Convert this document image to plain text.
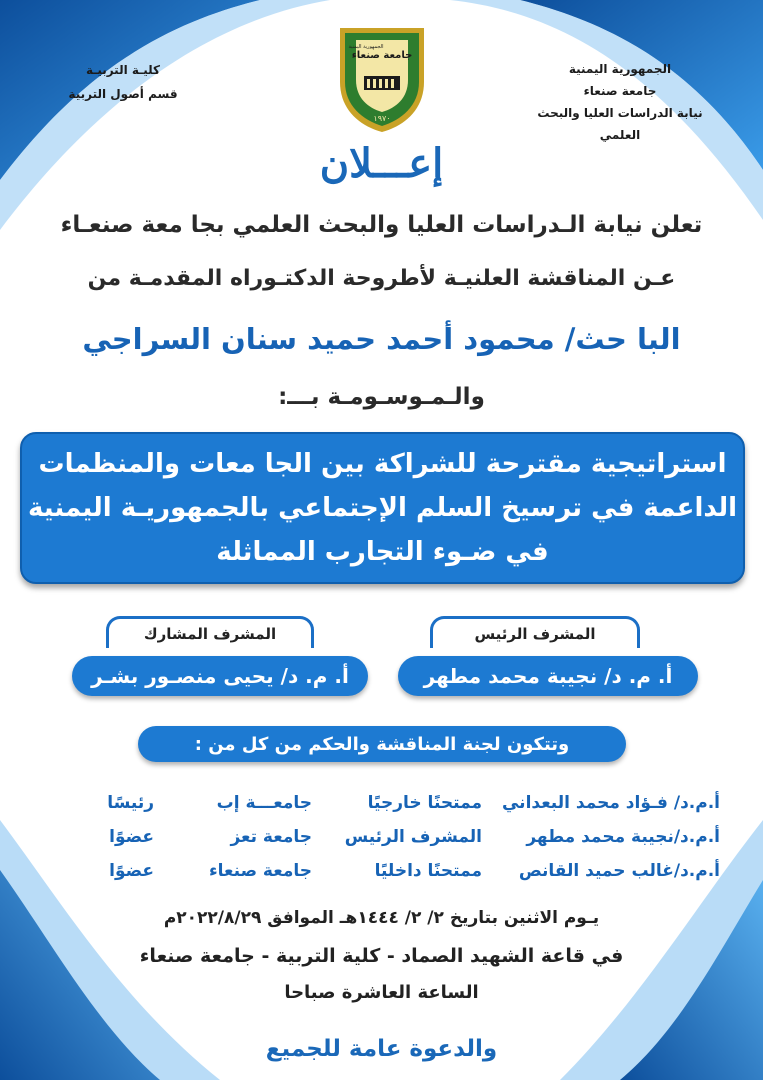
الجمهورية اليمنية
جامعة صنعاء
نيابة الدراسات العليا والبحث العلمي
جامعة صنعاء
الجمهورية اليمنية
١٩٧٠
كليـة التربيـة
قسم أصول التربية
إعـــلان
تعلن نيابة الـدراسات العليا والبحث العلمي بجا معة صنعـاء
عـن المناقشة العلنيـة لأطروحة الدكتـوراه المقدمـة من
البا حث/ محمود أحمد حميد سنان السراجي
والـمـوسـومـة بـــ:
استراتيجية مقترحة للشراكة بين الجا معات والمنظمات
الداعمة في ترسيخ السلم الإجتماعي بالجمهوريـة اليمنية
في ضـوء التجارب المماثلة
المشرف الرئيس
أ. م. د/ نجيبة محمد مطهر
المشرف المشارك
أ. م. د/ يحيى منصـور بشـر
وتتكون لجنة المناقشة والحكم من كل من :
أ.م.د/ فـؤاد محمد البعداني
ممتحنًا خارجيًا
جامعـــة إب
رئيسًا
أ.م.د/نجيبة محمد مطهر
المشرف الرئيس
جامعة تعز
عضوًا
أ.م.د/غالب حميد القانص
ممتحنًا داخليًا
جامعة صنعاء
عضوًا
يـوم الاثنين بتاريخ ٢/ ٢/ ١٤٤٤هـ الموافق ٢٠٢٢/٨/٢٩م
في قاعة الشهيد الصماد - كلية التربية - جامعة صنعاء
الساعة العاشرة صباحا
والدعوة عامة للجميع
